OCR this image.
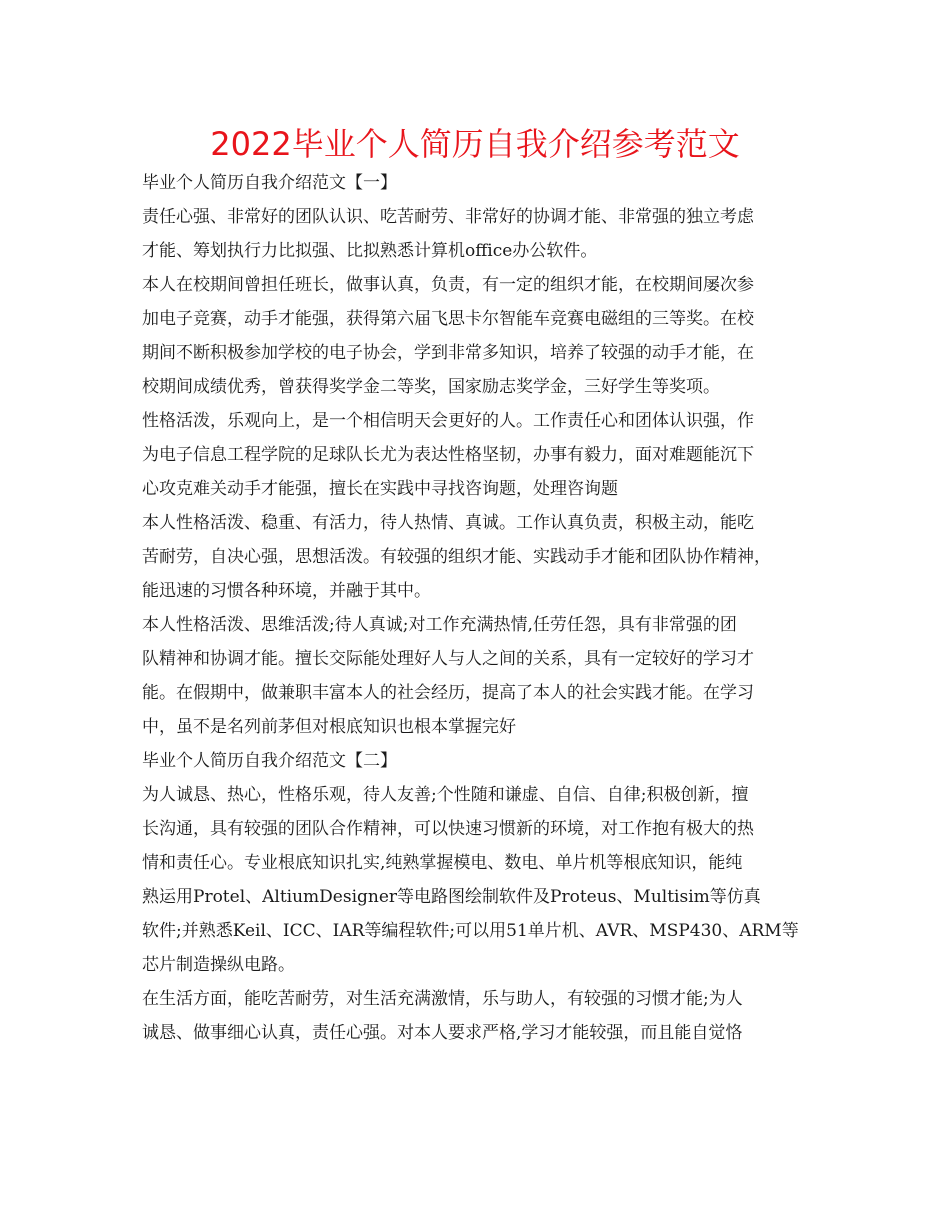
2022毕业个人简历自我介绍参考范文
毕业个人简历自我介绍范文【一】
责任心强、非常好的团队认识、吃苦耐劳、非常好的协调才能、非常强的独立考虑
才能、筹划执行力比拟强、比拟熟悉计算机office办公软件。
本人在校期间曾担任班长，做事认真，负责，有一定的组织才能，在校期间屡次参
加电子竞赛，动手才能强，获得第六届飞思卡尔智能车竞赛电磁组的三等奖。在校
期间不断积极参加学校的电子协会，学到非常多知识，培养了较强的动手才能，在
校期间成绩优秀，曾获得奖学金二等奖，国家励志奖学金，三好学生等奖项。
性格活泼，乐观向上，是一个相信明天会更好的人。工作责任心和团体认识强，作
为电子信息工程学院的足球队长尤为表达性格坚韧，办事有毅力，面对难题能沉下
心攻克难关动手才能强，擅长在实践中寻找咨询题，处理咨询题
本人性格活泼、稳重、有活力，待人热情、真诚。工作认真负责，积极主动，能吃
苦耐劳，自决心强，思想活泼。有较强的组织才能、实践动手才能和团队协作精神，
能迅速的习惯各种环境，并融于其中。
本人性格活泼、思维活泼;待人真诚;对工作充满热情,任劳任怨，具有非常强的团
队精神和协调才能。擅长交际能处理好人与人之间的关系，具有一定较好的学习才
能。在假期中，做兼职丰富本人的社会经历，提高了本人的社会实践才能。在学习
中，虽不是名列前茅但对根底知识也根本掌握完好
毕业个人简历自我介绍范文【二】
为人诚恳、热心，性格乐观，待人友善;个性随和谦虚、自信、自律;积极创新，擅
长沟通，具有较强的团队合作精神，可以快速习惯新的环境，对工作抱有极大的热
情和责任心。专业根底知识扎实,纯熟掌握模电、数电、单片机等根底知识，能纯
熟运用Protel、AltiumDesigner等电路图绘制软件及Proteus、Multisim等仿真
软件;并熟悉Keil、ICC、IAR等编程软件;可以用51单片机、AVR、MSP430、ARM等
芯片制造操纵电路。
在生活方面，能吃苦耐劳，对生活充满激情，乐与助人，有较强的习惯才能;为人
诚恳、做事细心认真，责任心强。对本人要求严格,学习才能较强，而且能自觉恪
